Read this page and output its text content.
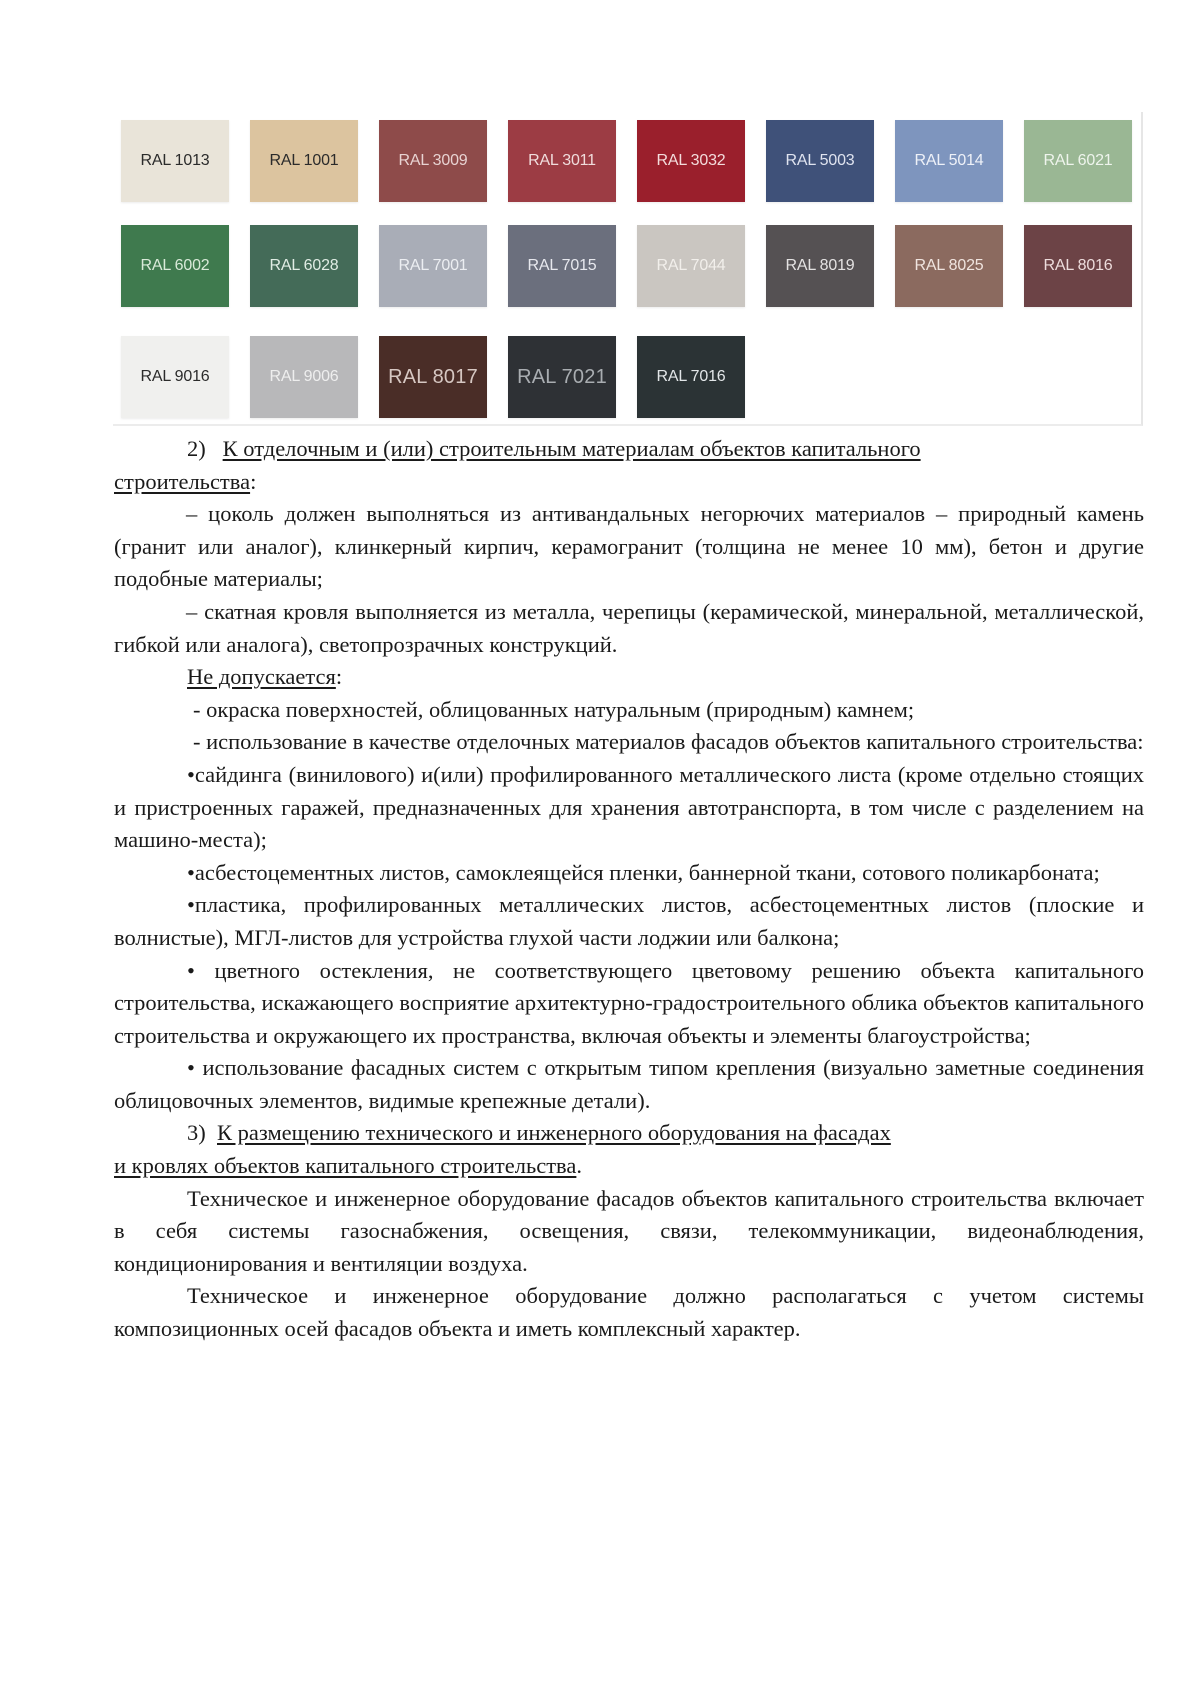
RAL 1013	RAL 1001	RAL 3009	RAL 3011	RAL 3032	RAL 5003	RAL 5014	RAL 6021
RAL 6002	RAL 6028	RAL 7001	RAL 7015	RAL 7044	RAL 8019	RAL 8025	RAL 8016
RAL 9016	RAL 9006	RAL 8017	RAL 7021	RAL 7016

2) К отделочным и (или) строительным материалам объектов капитального

строительства:

– цоколь должен выполняться из антивандальных негорючих материалов – природный камень (гранит или аналог), клинкерный кирпич, керамогранит (толщина не менее 10 мм), бетон и другие подобные материалы;

– скатная кровля выполняется из металла, черепицы (керамической, минеральной, металлической, гибкой или аналога), светопрозрачных конструкций.

Не допускается:

- окраска поверхностей, облицованных натуральным (природным) камнем;

- использование в качестве отделочных материалов фасадов объектов капитального строительства:

•сайдинга (винилового) и(или) профилированного металлического листа (кроме отдельно стоящих и пристроенных гаражей, предназначенных для хранения автотранспорта, в том числе с разделением на машино-места);

•асбестоцементных листов, самоклеящейся пленки, баннерной ткани, сотового поликарбоната;

•пластика, профилированных металлических листов, асбестоцементных листов (плоские и волнистые), МГЛ-листов для устройства глухой части лоджии или балкона;

• цветного остекления, не соответствующего цветовому решению объекта капитального строительства, искажающего восприятие архитектурно-градостроительного облика объектов капитального строительства и окружающего их пространства, включая объекты и элементы благоустройства;

• использование фасадных систем с открытым типом крепления (визуально заметные соединения облицовочных элементов, видимые крепежные детали).

3) К размещению технического и инженерного оборудования на фасадах

и кровлях объектов капитального строительства.

Техническое и инженерное оборудование фасадов объектов капитального строительства включает в себя системы газоснабжения, освещения, связи, телекоммуникации, видеонаблюдения, кондиционирования и вентиляции воздуха.

Техническое и инженерное оборудование должно располагаться с учетом системы композиционных осей фасадов объекта и иметь комплексный характер.
